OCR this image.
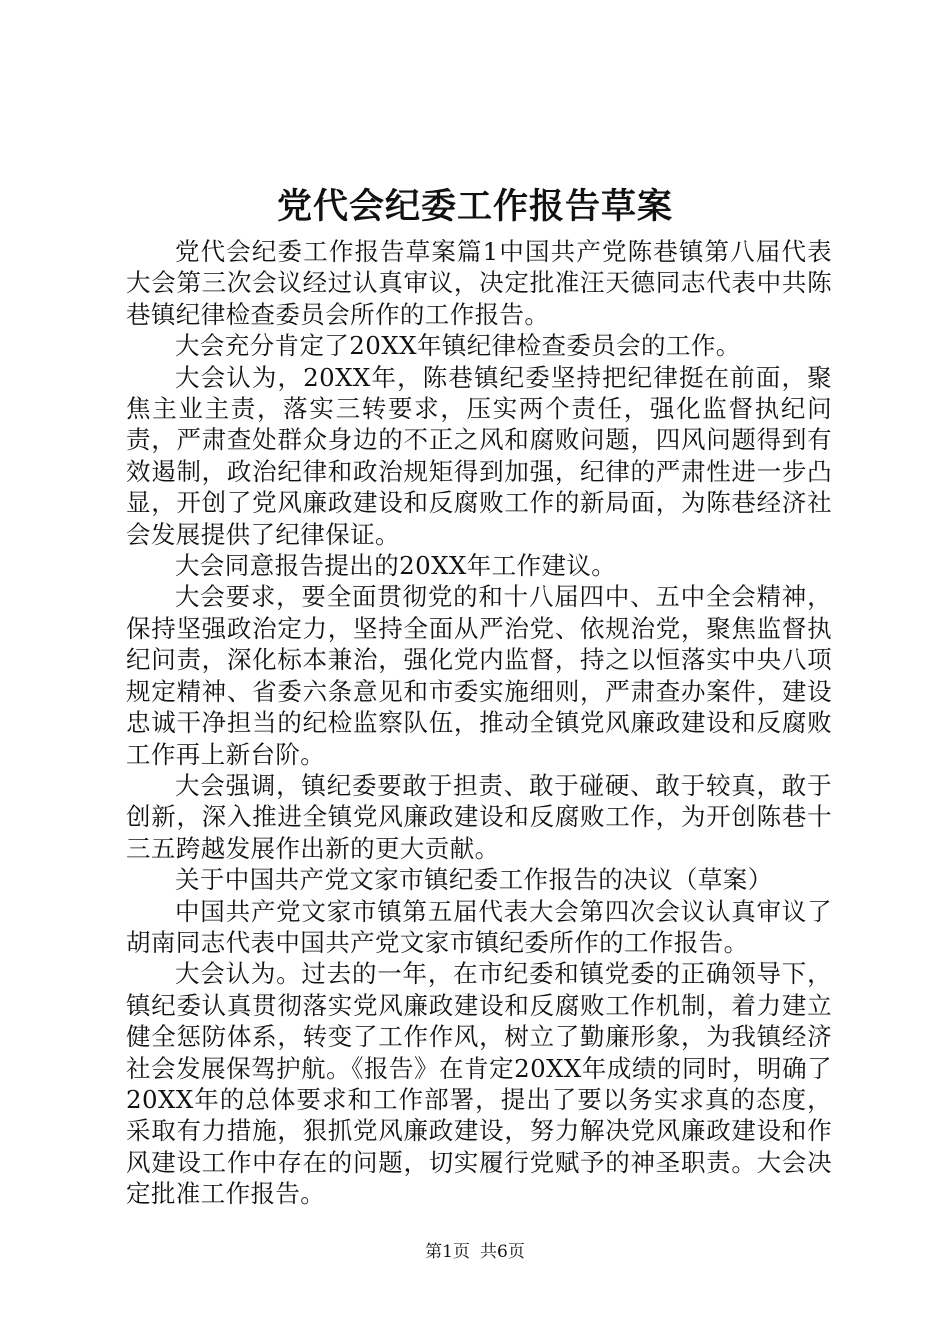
党代会纪委工作报告草案

党代会纪委工作报告草案篇1中国共产党陈巷镇第八届代表大会第三次会议经过认真审议，决定批准汪天德同志代表中共陈巷镇纪律检查委员会所作的工作报告。

大会充分肯定了20XX年镇纪律检查委员会的工作。

大会认为，20XX年，陈巷镇纪委坚持把纪律挺在前面，聚焦主业主责，落实三转要求，压实两个责任，强化监督执纪问责，严肃查处群众身边的不正之风和腐败问题，四风问题得到有效遏制，政治纪律和政治规矩得到加强，纪律的严肃性进一步凸显，开创了党风廉政建设和反腐败工作的新局面，为陈巷经济社会发展提供了纪律保证。

大会同意报告提出的20XX年工作建议。

大会要求，要全面贯彻党的和十八届四中、五中全会精神，保持坚强政治定力，坚持全面从严治党、依规治党，聚焦监督执纪问责，深化标本兼治，强化党内监督，持之以恒落实中央八项规定精神、省委六条意见和市委实施细则，严肃查办案件，建设忠诚干净担当的纪检监察队伍，推动全镇党风廉政建设和反腐败工作再上新台阶。

大会强调，镇纪委要敢于担责、敢于碰硬、敢于较真，敢于创新，深入推进全镇党风廉政建设和反腐败工作，为开创陈巷十三五跨越发展作出新的更大贡献。

关于中国共产党文家市镇纪委工作报告的决议（草案）

中国共产党文家市镇第五届代表大会第四次会议认真审议了胡南同志代表中国共产党文家市镇纪委所作的工作报告。

大会认为。过去的一年，在市纪委和镇党委的正确领导下，镇纪委认真贯彻落实党风廉政建设和反腐败工作机制，着力建立健全惩防体系，转变了工作作风，树立了勤廉形象，为我镇经济社会发展保驾护航。《报告》在肯定20XX年成绩的同时，明确了20XX年的总体要求和工作部署，提出了要以务实求真的态度，采取有力措施，狠抓党风廉政建设，努力解决党风廉政建设和作风建设工作中存在的问题，切实履行党赋予的神圣职责。大会决定批准工作报告。

第1页 共6页
